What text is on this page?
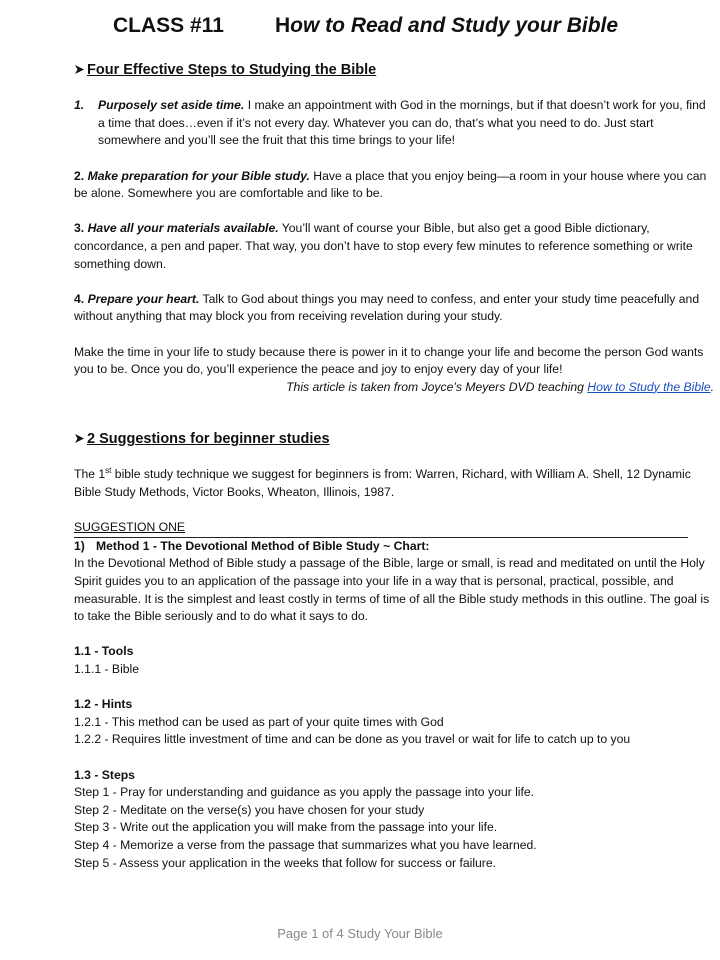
CLASS #11 How to Read and Study your Bible
Four Effective Steps to Studying the Bible
1.	Purposely set aside time. I make an appointment with God in the mornings, but if that doesn’t work for you, find a time that does…even if it’s not every day. Whatever you can do, that’s what you need to do. Just start somewhere and you’ll see the fruit that this time brings to your life!
2. Make preparation for your Bible study. Have a place that you enjoy being—a room in your house where you can be alone. Somewhere you are comfortable and like to be.
3. Have all your materials available. You’ll want of course your Bible, but also get a good Bible dictionary, concordance, a pen and paper. That way, you don’t have to stop every few minutes to reference something or write something down.
4. Prepare your heart. Talk to God about things you may need to confess, and enter your study time peacefully and without anything that may block you from receiving revelation during your study.
Make the time in your life to study because there is power in it to change your life and become the person God wants you to be. Once you do, you’ll experience the peace and joy to enjoy every day of your life!
This article is taken from Joyce’s Meyers DVD teaching How to Study the Bible.
2 Suggestions for beginner studies
The 1st bible study technique we suggest for beginners is from: Warren, Richard, with William A. Shell, 12 Dynamic Bible Study Methods, Victor Books, Wheaton, Illinois, 1987.
SUGGESTION ONE
1) Method 1 - The Devotional Method of Bible Study ~ Chart:
In the Devotional Method of Bible study a passage of the Bible, large or small, is read and meditated on until the Holy Spirit guides you to an application of the passage into your life in a way that is personal, practical, possible, and measurable. It is the simplest and least costly in terms of time of all the Bible study methods in this outline. The goal is to take the Bible seriously and to do what it says to do.
1.1 - Tools
1.1.1 - Bible
1.2 - Hints
1.2.1 - This method can be used as part of your quite times with God
1.2.2 - Requires little investment of time and can be done as you travel or wait for life to catch up to you
1.3 - Steps
Step 1 - Pray for understanding and guidance as you apply the passage into your life.
Step 2 - Meditate on the verse(s) you have chosen for your study
Step 3 - Write out the application you will make from the passage into your life.
Step 4 - Memorize a verse from the passage that summarizes what you have learned.
Step 5 - Assess your application in the weeks that follow for success or failure.
Page 1 of 4 Study Your Bible
